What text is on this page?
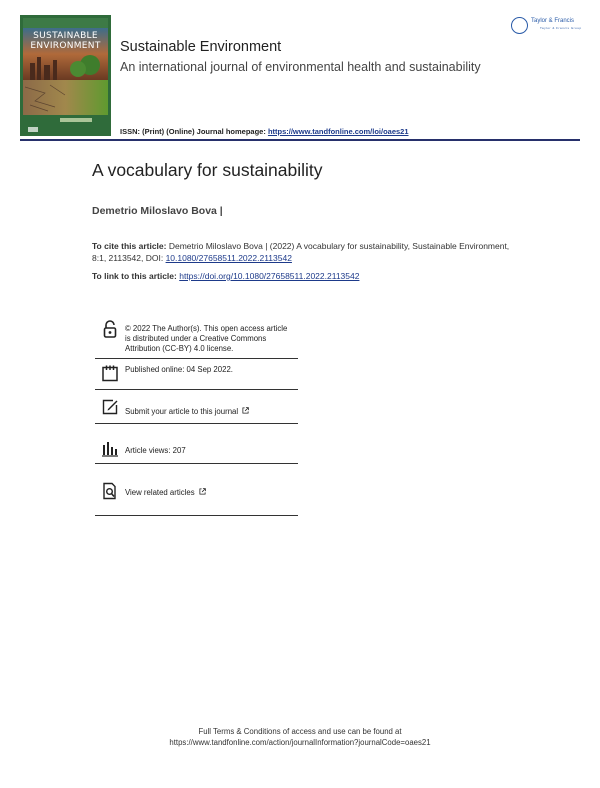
SUSTAINABLE
ENVIRONMENT	Sustainable Environment
An international journal of environmental health and sustainability
ISSN: (Print) (Online) Journal homepage: https://www.tandfonline.com/loi/oaes21
Taylor & Francis
Taylor & Francis Group
A vocabulary for sustainability
Demetrio Miloslavo Bova |
To cite this article: Demetrio Miloslavo Bova | (2022) A vocabulary for sustainability, Sustainable Environment, 8:1, 2113542, DOI: 10.1080/27658511.2022.2113542
To link to this article: https://doi.org/10.1080/27658511.2022.2113542
© 2022 The Author(s). This open access article is distributed under a Creative Commons Attribution (CC-BY) 4.0 license.
Published online: 04 Sep 2022.
Submit your article to this journal
Article views: 207
View related articles
Full Terms & Conditions of access and use can be found at
https://www.tandfonline.com/action/journalInformation?journalCode=oaes21
